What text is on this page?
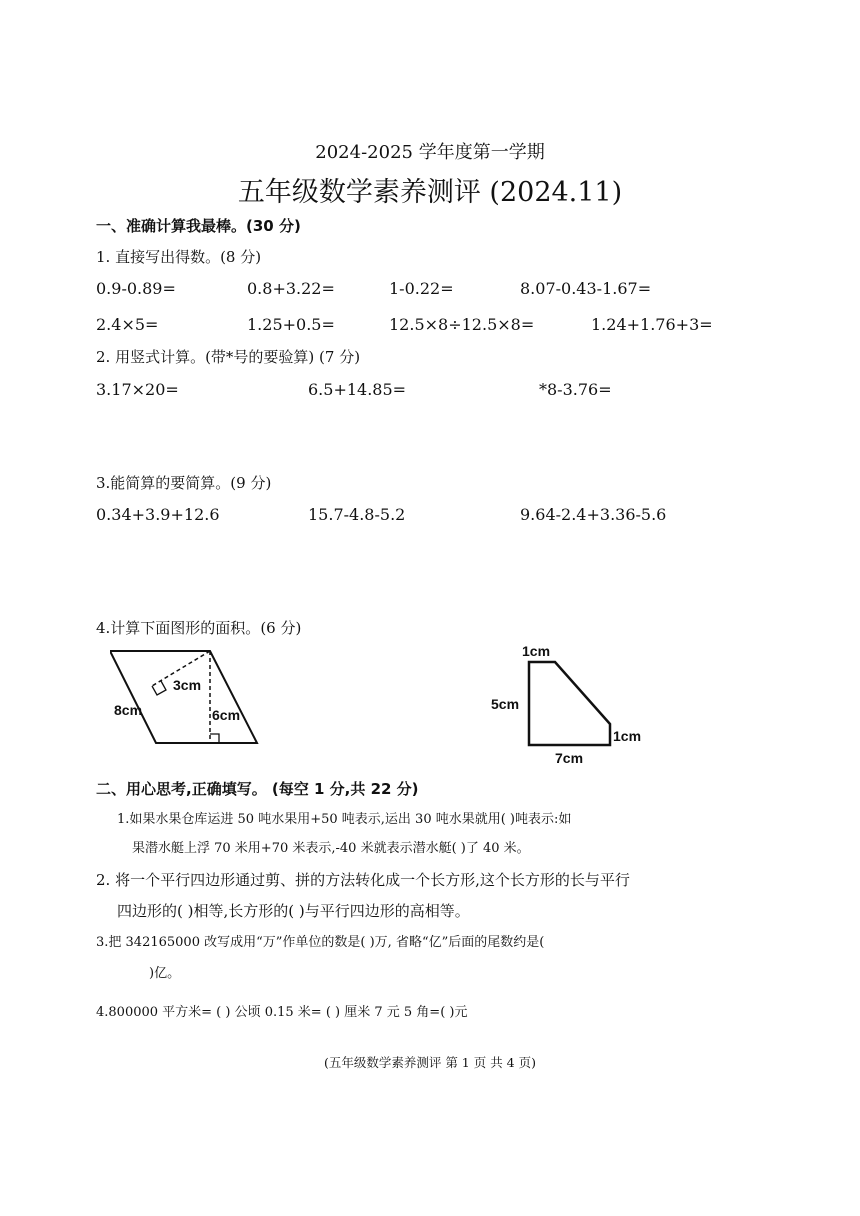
2024-2025 学年度第一学期
五年级数学素养测评 (2024.11)
一、准确计算我最棒。(30 分)
1. 直接写出得数。(8 分)
0.9-0.89=	0.8+3.22=	1-0.22=	8.07-0.43-1.67=
2.4×5=	1.25+0.5=	12.5×8÷12.5×8=	1.24+1.76+3=
2. 用竖式计算。(带*号的要验算) (7 分)
3.17×20=	6.5+14.85=	*8-3.76=
3.能简算的要简算。(9 分)
0.34+3.9+12.6	15.7-4.8-5.2	9.64-2.4+3.36-5.6
4.计算下面图形的面积。(6 分)
3cm
8cm	6cm
1cm
5cm
1cm
7cm
二、用心思考,正确填写。 (每空 1 分,共 22 分)
1.如果水果仓库运进 50 吨水果用+50 吨表示,运出 30 吨水果就用( )吨表示:如
果潜水艇上浮 70 米用+70 米表示,-40 米就表示潜水艇( )了 40 米。
2. 将一个平行四边形通过剪、拼的方法转化成一个长方形,这个长方形的长与平行
四边形的( )相等,长方形的( )与平行四边形的高相等。
3.把 342165000 改写成用“万”作单位的数是( )万, 省略“亿”后面的尾数约是(
)亿。
4.800000 平方米= ( ) 公顷 0.15 米= ( ) 厘米 7 元 5 角=( )元
(五年级数学素养测评 第 1 页 共 4 页)
